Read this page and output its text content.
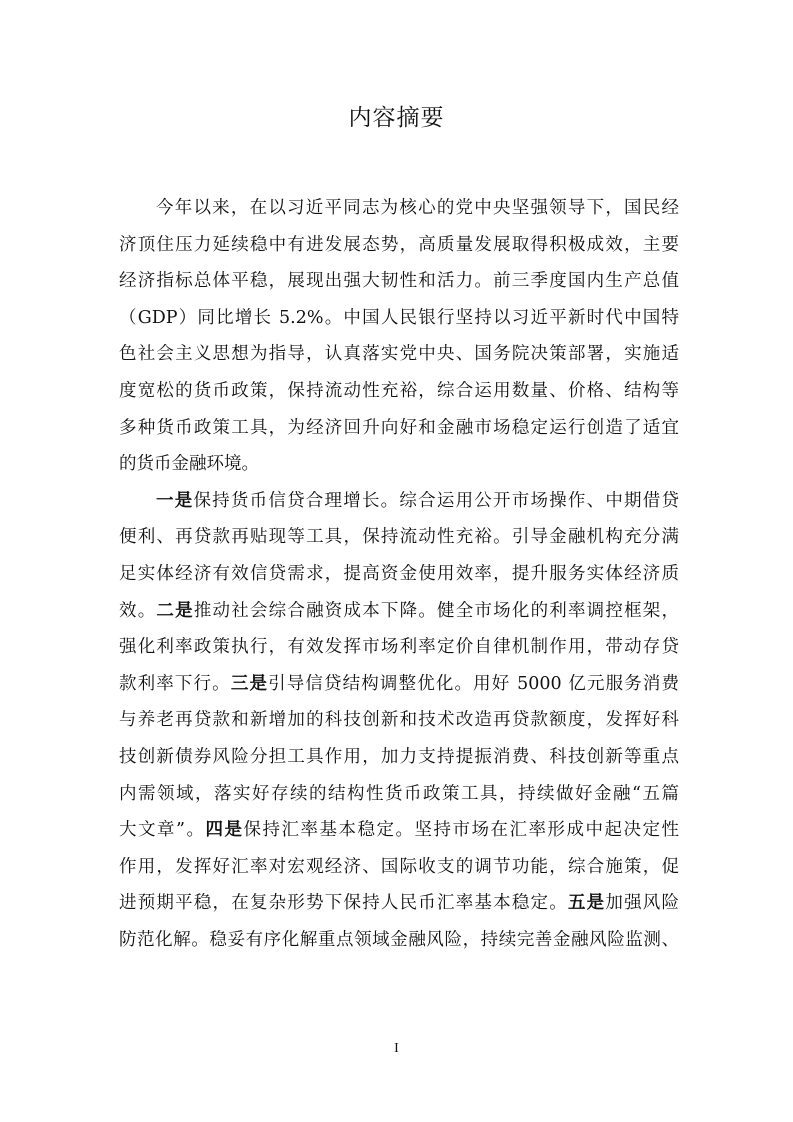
内容摘要
今年以来，在以习近平同志为核心的党中央坚强领导下，国民经
济顶住压力延续稳中有进发展态势，高质量发展取得积极成效，主要
经济指标总体平稳，展现出强大韧性和活力。前三季度国内生产总值
（GDP）同比增长 5.2%。中国人民银行坚持以习近平新时代中国特
色社会主义思想为指导，认真落实党中央、国务院决策部署，实施适
度宽松的货币政策，保持流动性充裕，综合运用数量、价格、结构等
多种货币政策工具，为经济回升向好和金融市场稳定运行创造了适宜
的货币金融环境。
一是保持货币信贷合理增长。综合运用公开市场操作、中期借贷
便利、再贷款再贴现等工具，保持流动性充裕。引导金融机构充分满
足实体经济有效信贷需求，提高资金使用效率，提升服务实体经济质
效。二是推动社会综合融资成本下降。健全市场化的利率调控框架，
强化利率政策执行，有效发挥市场利率定价自律机制作用，带动存贷
款利率下行。三是引导信贷结构调整优化。用好 5000 亿元服务消费
与养老再贷款和新增加的科技创新和技术改造再贷款额度，发挥好科
技创新债券风险分担工具作用，加力支持提振消费、科技创新等重点
内需领域，落实好存续的结构性货币政策工具，持续做好金融“五篇
大文章”。四是保持汇率基本稳定。坚持市场在汇率形成中起决定性
作用，发挥好汇率对宏观经济、国际收支的调节功能，综合施策，促
进预期平稳，在复杂形势下保持人民币汇率基本稳定。五是加强风险
防范化解。稳妥有序化解重点领域金融风险，持续完善金融风险监测、
I
